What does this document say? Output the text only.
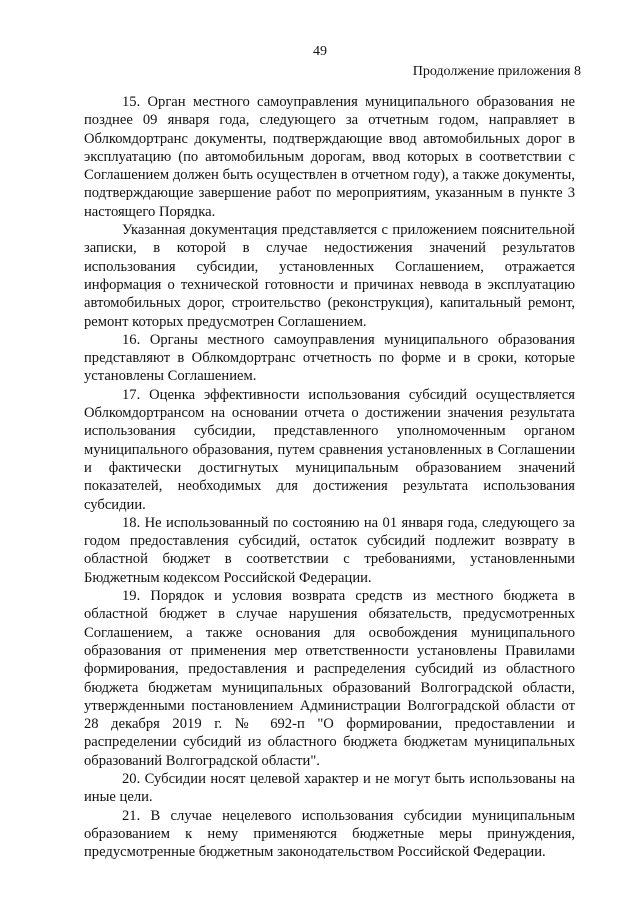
49
Продолжение приложения 8

15. Орган местного самоуправления муниципального образования не позднее 09 января года, следующего за отчетным годом, направляет в Облкомдортранс документы, подтверждающие ввод автомобильных дорог в эксплуатацию (по автомобильным дорогам, ввод которых в соответствии с Соглашением должен быть осуществлен в отчетном году), а также документы, подтверждающие завершение работ по мероприятиям, указанным в пункте 3 настоящего Порядка.

Указанная документация представляется с приложением пояснительной записки, в которой в случае недостижения значений результатов использования субсидии, установленных Соглашением, отражается информация о технической готовности и причинах неввода в эксплуатацию автомобильных дорог, строительство (реконструкция), капитальный ремонт, ремонт которых предусмотрен Соглашением.

16. Органы местного самоуправления муниципального образования представляют в Облкомдортранс отчетность по форме и в сроки, которые установлены Соглашением.

17. Оценка эффективности использования субсидий осуществляется Облкомдортрансом на основании отчета о достижении значения результата использования субсидии, представленного уполномоченным органом муниципального образования, путем сравнения установленных в Соглашении и фактически достигнутых муниципальным образованием значений показателей, необходимых для достижения результата использования субсидии.

18. Не использованный по состоянию на 01 января года, следующего за годом предоставления субсидий, остаток субсидий подлежит возврату в областной бюджет в соответствии с требованиями, установленными Бюджетным кодексом Российской Федерации.

19. Порядок и условия возврата средств из местного бюджета в областной бюджет в случае нарушения обязательств, предусмотренных Соглашением, а также основания для освобождения муниципального образования от применения мер ответственности установлены Правилами формирования, предоставления и распределения субсидий из областного бюджета бюджетам муниципальных образований Волгоградской области, утвержденными постановлением Администрации Волгоградской области от 28 декабря 2019 г. № 692-п "О формировании, предоставлении и распределении субсидий из областного бюджета бюджетам муниципальных образований Волгоградской области".

20. Субсидии носят целевой характер и не могут быть использованы на иные цели.

21. В случае нецелевого использования субсидии муниципальным образованием к нему применяются бюджетные меры принуждения, предусмотренные бюджетным законодательством Российской Федерации.
